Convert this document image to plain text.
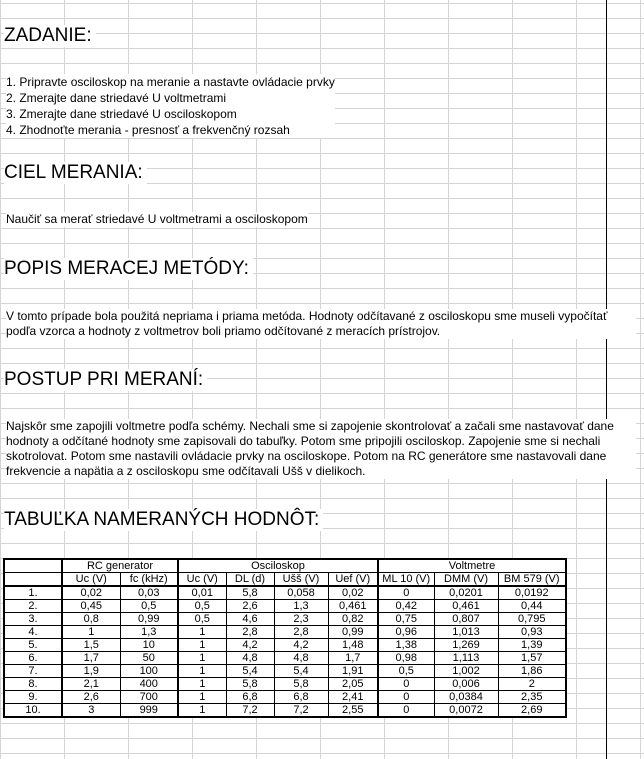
ZADANIE:
1. Pripravte osciloskop na meranie a nastavte ovládacie prvky
2. Zmerajte dane striedavé U voltmetrami
3. Zmerajte dane striedavé U osciloskopom
4. Zhodnoťte merania - presnosť a frekvenčný rozsah
CIEL MERANIA:

Naučiť sa merať striedavé U voltmetrami a osciloskopom

POPIS MERACEJ METÓDY:
V tomto prípade bola použitá nepriama i priama metóda. Hodnoty odčítavané z osciloskopu sme museli vypočítať
podľa vzorca a hodnoty z voltmetrov boli priamo odčítované z meracích prístrojov.
POSTUP PRI MERANÍ:
Najskôr sme zapojili voltmetre podľa schémy. Nechali sme si zapojenie skontrolovať a začali sme nastavovať dane
hodnoty a odčítané hodnoty sme zapisovali do tabuľky. Potom sme pripojili osciloskop. Zapojenie sme si nechali
skotrolovat. Potom sme nastavili ovládacie prvky na osciloskope. Potom na RC generátore sme nastavovali dane
frekvencie a napätia a z osciloskopu sme odčítavali Ušš v dielikoch.
TABUĽKA NAMERANÝCH HODNÔT:
	RC generator		Osciloskop				Voltmetre		
	Uc (V)	fc (kHz)	Uc (V)	DL (d)	Ušš (V)	Uef (V)	ML 10 (V)	DMM (V)	BM 579 (V)
1.	0,02	0,03	0,01	5,8	0,058	0,02	0	0,0201	0,0192
2.	0,45	0,5	0,5	2,6	1,3	0,461	0,42	0,461	0,44
3.	0,8	0,99	0,5	4,6	2,3	0,82	0,75	0,807	0,795
4.	1	1,3	1	2,8	2,8	0,99	0,96	1,013	0,93
5.	1,5	10	1	4,2	4,2	1,48	1,38	1,269	1,39
6.	1,7	50	1	4,8	4,8	1,7	0,98	1,113	1,57
7.	1,9	100	1	5,4	5,4	1,91	0,5	1,002	1,86
8.	2,1	400	1	5,8	5,8	2,05	0	0,006	2
9.	2,6	700	1	6,8	6,8	2,41	0	0,0384	2,35
10.	3	999	1	7,2	7,2	2,55	0	0,0072	2,69
